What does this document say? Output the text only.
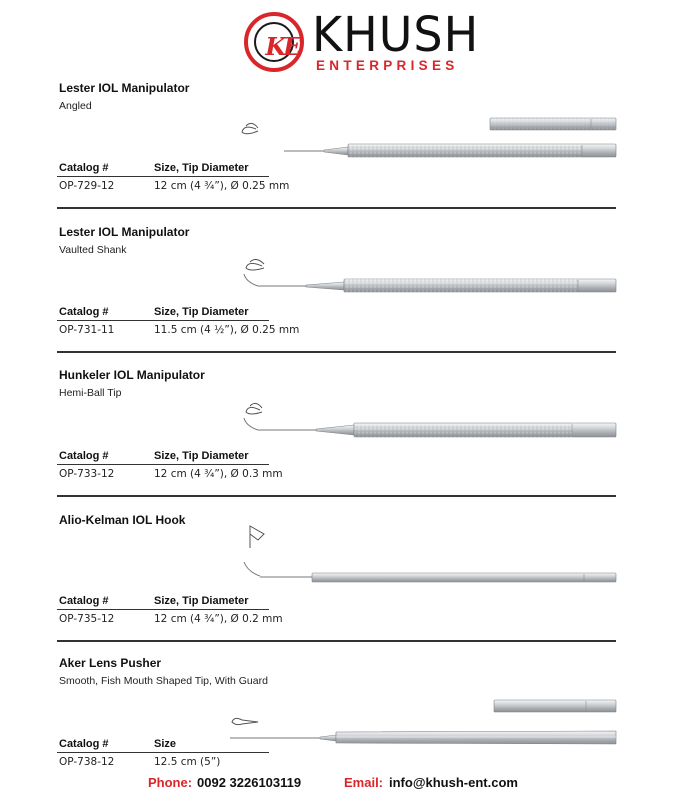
KE KHUSH
ENTERPRISES
Lester IOL Manipulator
Angled
Catalog #	Size, Tip Diameter
OP-729-12	12 cm (4 ¾”), Ø 0.25 mm
Lester IOL Manipulator
Vaulted Shank
Catalog #	Size, Tip Diameter
OP-731-11	11.5 cm (4 ½”), Ø 0.25 mm
Hunkeler IOL Manipulator
Hemi-Ball Tip
Catalog #	Size, Tip Diameter
OP-733-12	12 cm (4 ¾”), Ø 0.3 mm
Alio-Kelman IOL Hook
Catalog #	Size, Tip Diameter
OP-735-12	12 cm (4 ¾”), Ø 0.2 mm
Aker Lens Pusher
Smooth, Fish Mouth Shaped Tip, With Guard
Catalog #	Size
OP-738-12	12.5 cm (5”)
Phone: 0092 3226103119	Email: info@khush-ent.com
